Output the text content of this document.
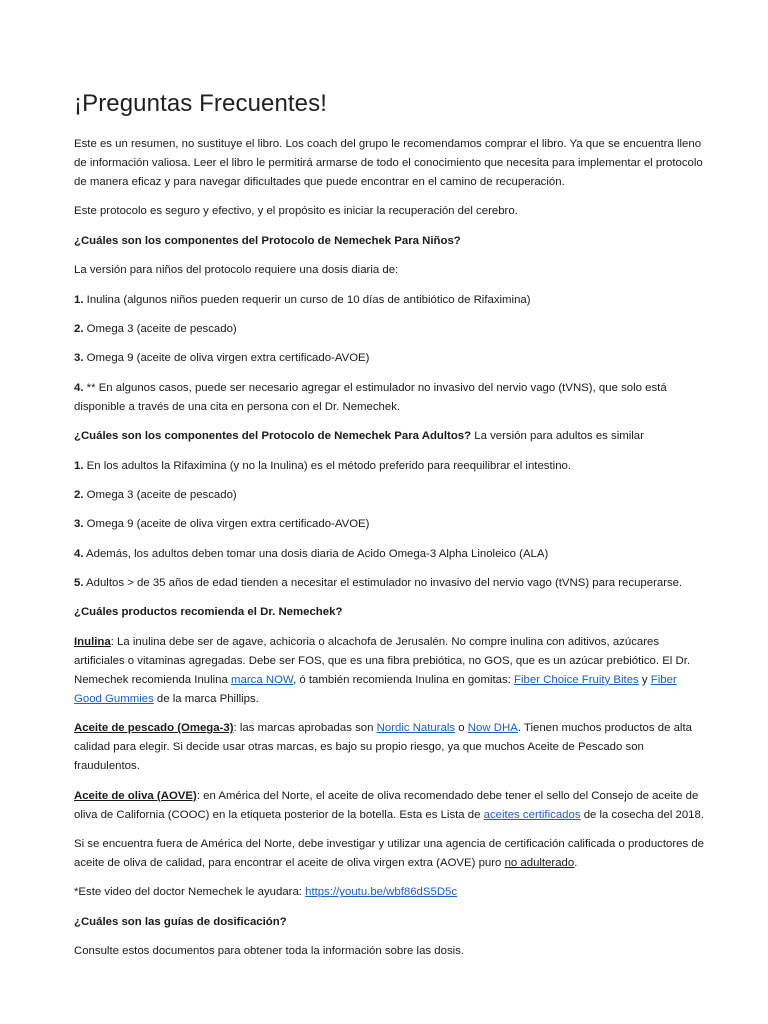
¡Preguntas Frecuentes!

Este es un resumen, no sustituye el libro. Los coach del grupo le recomendamos comprar el libro. Ya que se encuentra lleno de información valiosa. Leer el libro le permitirá armarse de todo el conocimiento que necesita para implementar el protocolo de manera eficaz y para navegar dificultades que puede encontrar en el camino de recuperación.

Este protocolo es seguro y efectivo, y el propósito es iniciar la recuperación del cerebro.

¿Cuáles son los componentes del Protocolo de Nemechek Para Niños?

La versión para niños del protocolo requiere una dosis diaria de:

1. Inulina (algunos niños pueden requerir un curso de 10 días de antibiótico de Rifaximina)

2. Omega 3 (aceite de pescado)

3. Omega 9 (aceite de oliva virgen extra certificado-AVOE)

4. ** En algunos casos, puede ser necesario agregar el estimulador no invasivo del nervio vago (tVNS), que solo está disponible a través de una cita en persona con el Dr. Nemechek.

¿Cuáles son los componentes del Protocolo de Nemechek Para Adultos? La versión para adultos es similar

1. En los adultos la Rifaximina (y no la Inulina) es el método preferido para reequilibrar el intestino.

2. Omega 3 (aceite de pescado)

3. Omega 9 (aceite de oliva virgen extra certificado-AVOE)

4. Además, los adultos deben tomar una dosis diaria de Acido Omega-3 Alpha Linoleico (ALA)

5. Adultos > de 35 años de edad tienden a necesitar el estimulador no invasivo del nervio vago (tVNS) para recuperarse.

¿Cuáles productos recomienda el Dr. Nemechek?

Inulina: La inulina debe ser de agave, achicoria o alcachofa de Jerusalén. No compre inulina con aditivos, azúcares artificiales o vitaminas agregadas. Debe ser FOS, que es una fibra prebiótica, no GOS, que es un azúcar prebiótico. El Dr. Nemechek recomienda Inulina marca NOW, ó también recomienda Inulina en gomitas: Fiber Choice Fruity Bites y Fiber Good Gummies de la marca Phillips.

Aceite de pescado (Omega-3): las marcas aprobadas son Nordic Naturals o Now DHA. Tienen muchos productos de alta calidad para elegir. Si decide usar otras marcas, es bajo su propio riesgo, ya que muchos Aceite de Pescado son fraudulentos.

Aceite de oliva (AOVE): en América del Norte, el aceite de oliva recomendado debe tener el sello del Consejo de aceite de oliva de California (COOC) en la etiqueta posterior de la botella. Esta es Lista de aceites certificados de la cosecha del 2018.

Si se encuentra fuera de América del Norte, debe investigar y utilizar una agencia de certificación calificada o productores de aceite de oliva de calidad, para encontrar el aceite de oliva virgen extra (AOVE) puro no adulterado.

*Este video del doctor Nemechek le ayudara: https://youtu.be/wbf86dS5D5c

¿Cuáles son las guías de dosificación?

Consulte estos documentos para obtener toda la información sobre las dosis.
